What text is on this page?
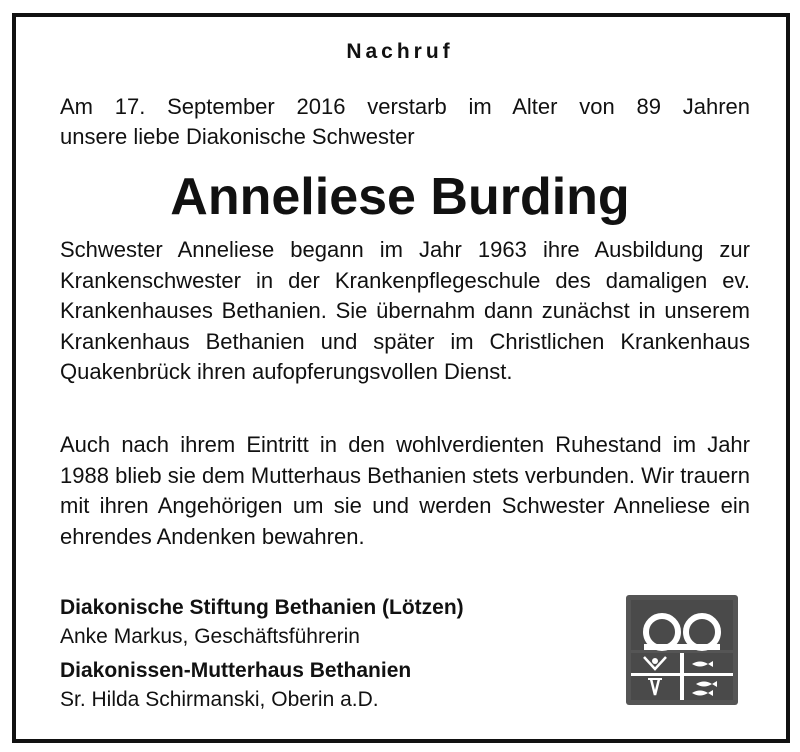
Nachruf
Am 17. September 2016 verstarb im Alter von 89 Jahren
unsere liebe Diakonische Schwester
Anneliese Burding

Schwester Anneliese begann im Jahr 1963 ihre Ausbildung zur Krankenschwester in der Krankenpflegeschule des damaligen ev. Krankenhauses Bethanien. Sie übernahm dann zunächst in unserem Krankenhaus Bethanien und später im Christlichen Krankenhaus Quakenbrück ihren aufopferungsvollen Dienst.

Auch nach ihrem Eintritt in den wohlverdienten Ruhestand im Jahr 1988 blieb sie dem Mutterhaus Bethanien stets verbunden. Wir trauern mit ihren Angehörigen um sie und werden Schwester Anneliese ein ehrendes Andenken bewahren.

Diakonische Stiftung Bethanien (Lötzen)
Anke Markus, Geschäftsführerin
Diakonissen-Mutterhaus Bethanien
Sr. Hilda Schirmanski, Oberin a.D.
